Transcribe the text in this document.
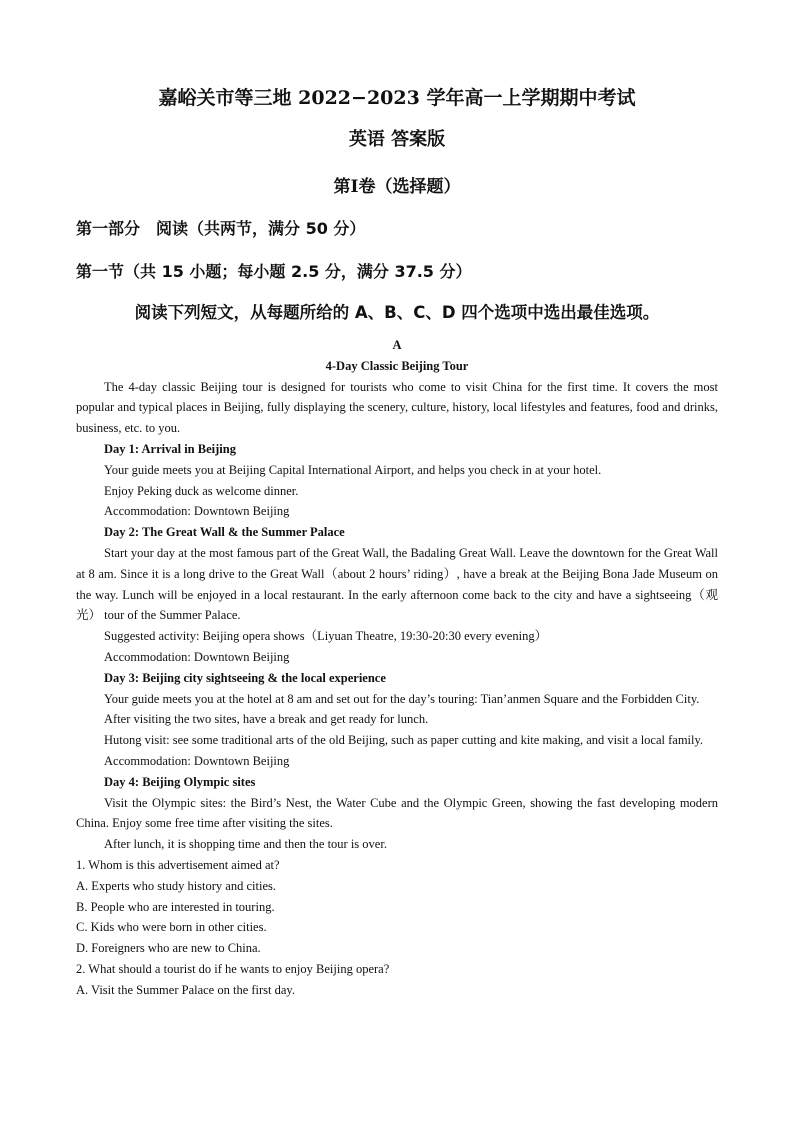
嘉峪关市等三地 2022−2023 学年高一上学期期中考试
英语 答案版
第Ⅰ卷（选择题）
第一部分　阅读（共两节，满分 50 分）
第一节（共 15 小题；每小题 2.5 分，满分 37.5 分）
阅读下列短文，从每题所给的 A、B、C、D 四个选项中选出最佳选项。

A

4-Day Classic Beijing Tour

The 4-day classic Beijing tour is designed for tourists who come to visit China for the first time. It covers the most popular and typical places in Beijing, fully displaying the scenery, culture, history, local lifestyles and features, food and drinks, business, etc. to you.

Day 1: Arrival in Beijing

Your guide meets you at Beijing Capital International Airport, and helps you check in at your hotel.

Enjoy Peking duck as welcome dinner.

Accommodation: Downtown Beijing

Day 2: The Great Wall & the Summer Palace

Start your day at the most famous part of the Great Wall, the Badaling Great Wall. Leave the downtown for the Great Wall at 8 am. Since it is a long drive to the Great Wall（about 2 hours’ riding）, have a break at the Beijing Bona Jade Museum on the way. Lunch will be enjoyed in a local restaurant. In the early afternoon come back to the city and have a sightseeing（观光） tour of the Summer Palace.

Suggested activity: Beijing opera shows（Liyuan Theatre, 19:30-20:30 every evening）

Accommodation: Downtown Beijing

Day 3: Beijing city sightseeing & the local experience

Your guide meets you at the hotel at 8 am and set out for the day’s touring: Tian’anmen Square and the Forbidden City.

After visiting the two sites, have a break and get ready for lunch.

Hutong visit: see some traditional arts of the old Beijing, such as paper cutting and kite making, and visit a local family.

Accommodation: Downtown Beijing

Day 4: Beijing Olympic sites

Visit the Olympic sites: the Bird’s Nest, the Water Cube and the Olympic Green, showing the fast developing modern China. Enjoy some free time after visiting the sites.

After lunch, it is shopping time and then the tour is over.

1. Whom is this advertisement aimed at?

A. Experts who study history and cities.

B. People who are interested in touring.

C. Kids who were born in other cities.

D. Foreigners who are new to China.

2. What should a tourist do if he wants to enjoy Beijing opera?

A. Visit the Summer Palace on the first day.
